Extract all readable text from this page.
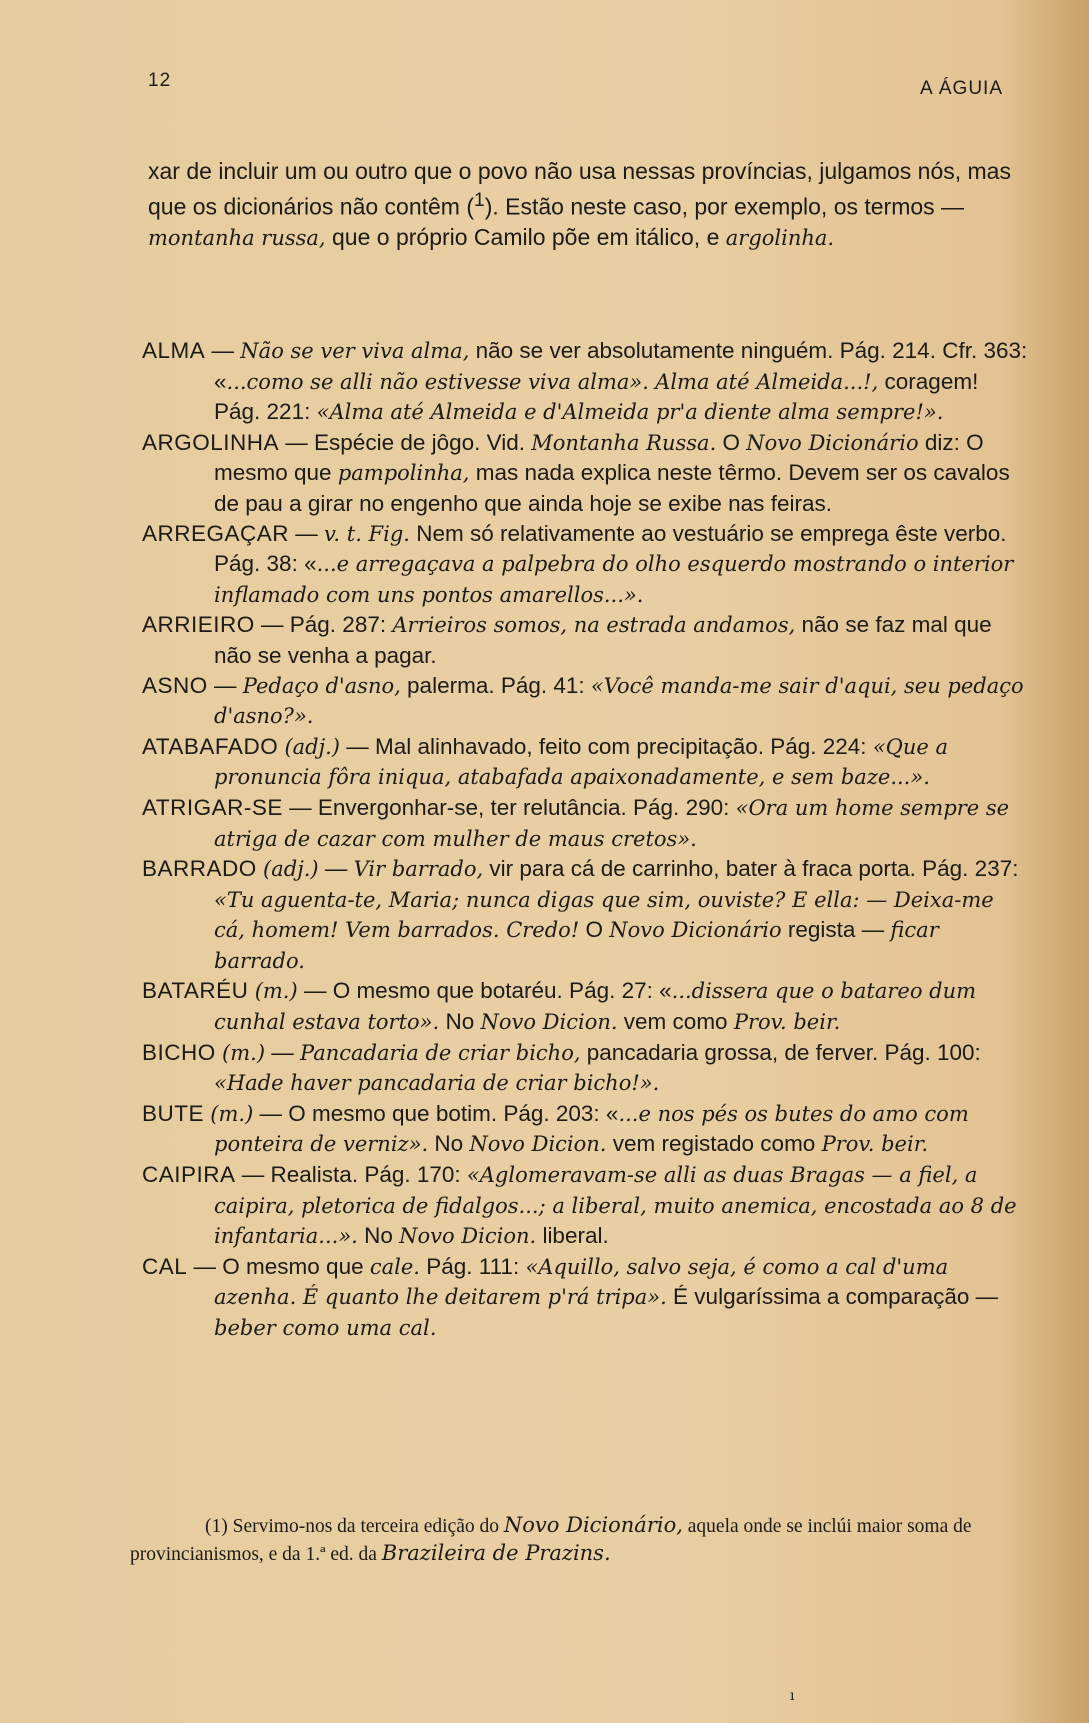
12	A ÁGUIA
xar de incluir um ou outro que o povo não usa nessas províncias, julgamos nós, mas que os dicionários não contêm ($^1$). Estão neste caso, por exemplo, os termos — montanha russa, que o próprio Camilo põe em itálico, e argolinha.

ALMA — Não se ver viva alma, não se ver absolutamente ninguém. Pág. 214. Cfr. 363: «...como se alli não estivesse viva alma». Alma até Almeida...!, coragem! Pág. 221: «Alma até Almeida e d'Almeida pr'a diente alma sempre!».

ARGOLINHA — Espécie de jôgo. Vid. Montanha Russa. O Novo Dicionário diz: O mesmo que pampolinha, mas nada explica neste têrmo. Devem ser os cavalos de pau a girar no engenho que ainda hoje se exibe nas feiras.

ARREGAÇAR — v. t. Fig. Nem só relativamente ao vestuário se emprega êste verbo. Pág. 38: «...e arregaçava a palpebra do olho esquerdo mostrando o interior inflamado com uns pontos amarellos...».

ARRIEIRO — Pág. 287: Arrieiros somos, na estrada andamos, não se faz mal que não se venha a pagar.

ASNO — Pedaço d'asno, palerma. Pág. 41: «Você manda-me sair d'aqui, seu pedaço d'asno?».

ATABAFADO (adj.) — Mal alinhavado, feito com precipitação. Pág. 224: «Que a pronuncia fôra iniqua, atabafada apaixonadamente, e sem baze...».

ATRIGAR-SE — Envergonhar-se, ter relutância. Pág. 290: «Ora um home sempre se atriga de cazar com mulher de maus cretos».

BARRADO (adj.) — Vir barrado, vir para cá de carrinho, bater à fraca porta. Pág. 237: «Tu aguenta-te, Maria; nunca digas que sim, ouviste? E ella: — Deixa-me cá, homem! Vem barrados. Credo! O Novo Dicionário regista — ficar barrado.

BATARÉU (m.) — O mesmo que botaréu. Pág. 27: «...dissera que o batareo dum cunhal estava torto». No Novo Dicion. vem como Prov. beir.

BICHO (m.) — Pancadaria de criar bicho, pancadaria grossa, de ferver. Pág. 100: «Hade haver pancadaria de criar bicho!».

BUTE (m.) — O mesmo que botim. Pág. 203: «...e nos pés os butes do amo com ponteira de verniz». No Novo Dicion. vem registado como Prov. beir.

CAIPIRA — Realista. Pág. 170: «Aglomeravam-se alli as duas Bragas — a fiel, a caipira, pletorica de fidalgos...; a liberal, muito anemica, encostada ao 8 de infantaria...». No Novo Dicion. liberal.

CAL — O mesmo que cale. Pág. 111: «Aquillo, salvo seja, é como a cal d'uma azenha. É quanto lhe deitarem p'rá tripa». É vulgaríssima a comparação — beber como uma cal.

(1) Servimo-nos da terceira edição do Novo Dicionário, aquela onde se inclúi maior soma de provincianismos, e da 1.ª ed. da Brazileira de Prazins.
ı
